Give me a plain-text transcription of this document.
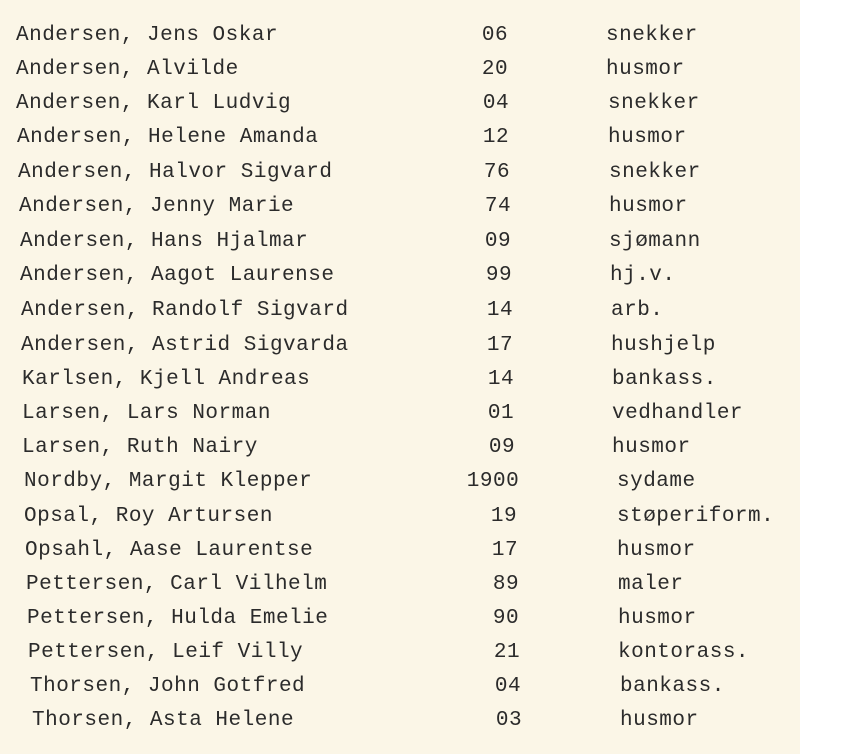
Andersen, Jens Oskar	06	snekker
Andersen, Alvilde	20	husmor
Andersen, Karl Ludvig	04	snekker
Andersen, Helene Amanda	12	husmor
Andersen, Halvor Sigvard	76	snekker
Andersen, Jenny Marie	74	husmor
Andersen, Hans Hjalmar	09	sjømann
Andersen, Aagot Laurense	99	hj.v.
Andersen, Randolf Sigvard	14	arb.
Andersen, Astrid Sigvarda	17	hushjelp
Karlsen, Kjell Andreas	14	bankass.
Larsen, Lars Norman	01	vedhandler
Larsen, Ruth Nairy	09	husmor
Nordby, Margit Klepper	1900	sydame
Opsal, Roy Artursen	19	støperiform.
Opsahl, Aase Laurentse	17	husmor
Pettersen, Carl Vilhelm	89	maler
Pettersen, Hulda Emelie	90	husmor
Pettersen, Leif Villy	21	kontorass.
Thorsen, John Gotfred	04	bankass.
Thorsen, Asta Helene	03	husmor
